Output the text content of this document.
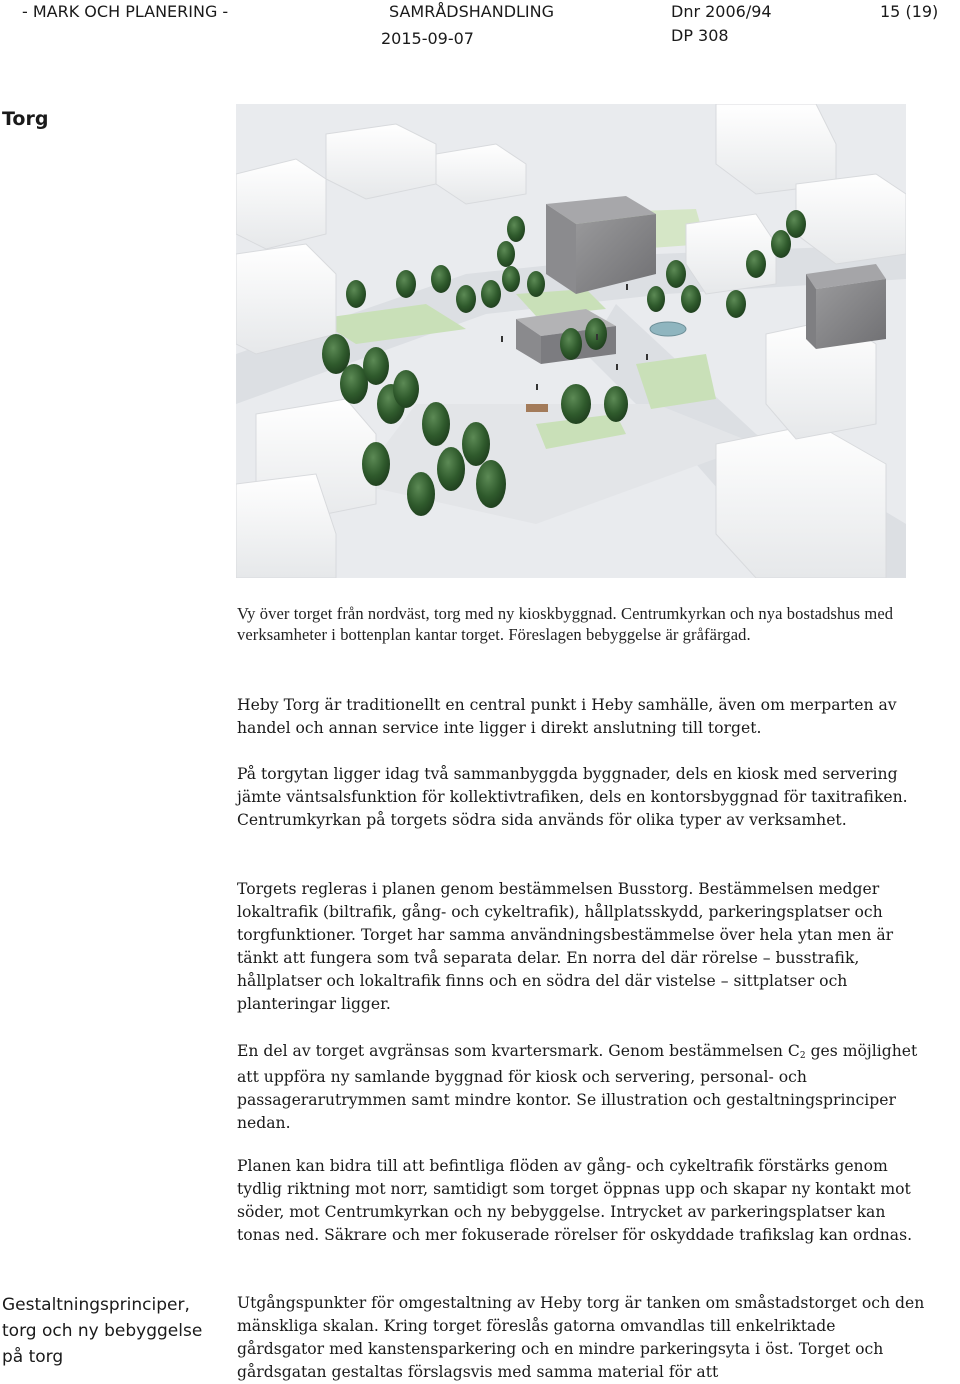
- MARK OCH PLANERING -	SAMRÅDSHANDLING
2015-09-07
Dnr 2006/94
DP 308
15 (19)
Torg
Vy över torget från nordväst, torg med ny kioskbyggnad. Centrumkyrkan och nya bostadshus med verksamheter i bottenplan kantar torget. Föreslagen bebyggelse är gråfärgad.

Heby Torg är traditionellt en central punkt i Heby samhälle, även om merparten av handel och annan service inte ligger i direkt anslutning till torget.

På torgytan ligger idag två sammanbyggda byggnader, dels en kiosk med servering jämte väntsalsfunktion för kollektivtrafiken, dels en kontorsbyggnad för taxitrafiken. Centrumkyrkan på torgets södra sida används för olika typer av verksamhet.

Torgets regleras i planen genom bestämmelsen Busstorg. Bestämmelsen medger lokaltrafik (biltrafik, gång- och cykeltrafik), hållplatsskydd, parkeringsplatser och torgfunktioner. Torget har samma användningsbestämmelse över hela ytan men är tänkt att fungera som två separata delar. En norra del där rörelse – busstrafik, hållplatser och lokaltrafik finns och en södra del där vistelse – sittplatser och planteringar ligger.

En del av torget avgränsas som kvartersmark. Genom bestämmelsen $C_2$ ges möjlighet att uppföra ny samlande byggnad för kiosk och servering, personal- och passagerarutrymmen samt mindre kontor. Se illustration och gestaltningsprinciper nedan.

Planen kan bidra till att befintliga flöden av gång- och cykeltrafik förstärks genom tydlig riktning mot norr, samtidigt som torget öppnas upp och skapar ny kontakt mot söder, mot Centrumkyrkan och ny bebyggelse. Intrycket av parkeringsplatser kan tonas ned. Säkrare och mer fokuserade rörelser för oskyddade trafikslag kan ordnas.

Utgångspunkter för omgestaltning av Heby torg är tanken om småstadstorget och den mänskliga skalan. Kring torget föreslås gatorna omvandlas till enkelriktade gårdsgator med kanstensparkering och en mindre parkeringsyta i öst. Torget och gårdsgatan gestaltas förslagsvis med samma material för att

Gestaltningsprinciper, torg och ny bebyggelse på torg
